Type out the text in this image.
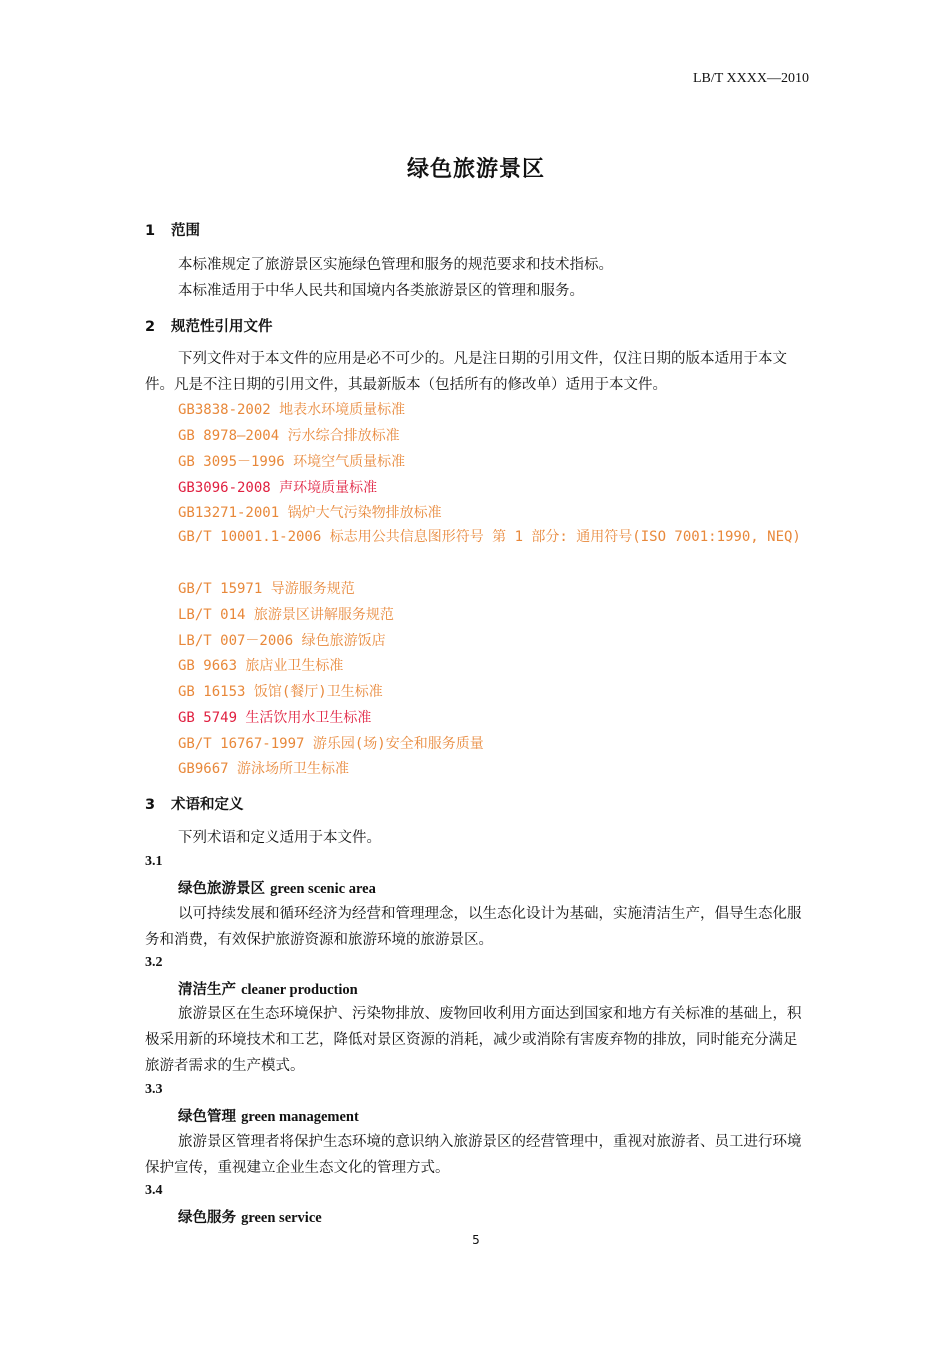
LB/T XXXX—2010
绿色旅游景区
1 范围
本标准规定了旅游景区实施绿色管理和服务的规范要求和技术指标。
本标准适用于中华人民共和国境内各类旅游景区的管理和服务。
2 规范性引用文件
下列文件对于本文件的应用是必不可少的。凡是注日期的引用文件，仅注日期的版本适用于本文件。凡是不注日期的引用文件，其最新版本（包括所有的修改单）适用于本文件。
GB3838-2002 地表水环境质量标准
GB 8978—2004 污水综合排放标准
GB 3095－1996 环境空气质量标准
GB3096-2008 声环境质量标准
GB13271-2001 锅炉大气污染物排放标准
GB/T 10001.1-2006 标志用公共信息图形符号 第 1 部分: 通用符号(ISO 7001:1990, NEQ)
GB/T 15971 导游服务规范
LB/T 014 旅游景区讲解服务规范
LB/T 007－2006 绿色旅游饭店
GB 9663 旅店业卫生标准
GB 16153 饭馆(餐厅)卫生标准
GB 5749 生活饮用水卫生标准
GB/T 16767-1997 游乐园(场)安全和服务质量
GB9667 游泳场所卫生标准
3 术语和定义
下列术语和定义适用于本文件。
3.1
绿色旅游景区 green scenic area
以可持续发展和循环经济为经营和管理理念，以生态化设计为基础，实施清洁生产，倡导生态化服务和消费，有效保护旅游资源和旅游环境的旅游景区。
3.2
清洁生产 cleaner production
旅游景区在生态环境保护、污染物排放、废物回收利用方面达到国家和地方有关标准的基础上，积极采用新的环境技术和工艺，降低对景区资源的消耗，减少或消除有害废弃物的排放，同时能充分满足旅游者需求的生产模式。
3.3
绿色管理 green management
旅游景区管理者将保护生态环境的意识纳入旅游景区的经营管理中，重视对旅游者、员工进行环境保护宣传，重视建立企业生态文化的管理方式。
3.4
绿色服务 green service
5
